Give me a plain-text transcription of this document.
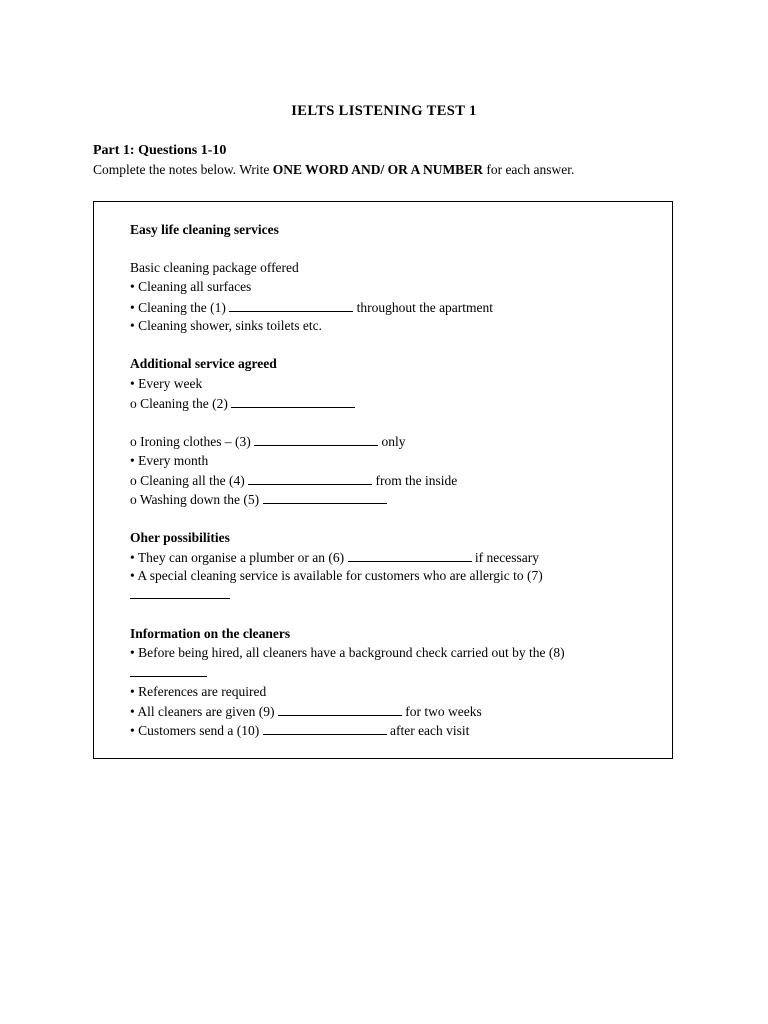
IELTS LISTENING TEST 1
Part 1: Questions 1-10
Complete the notes below. Write ONE WORD AND/ OR A NUMBER for each answer.
Easy life cleaning services
Basic cleaning package offered
• Cleaning all surfaces
• Cleaning the (1)	throughout the apartment
• Cleaning shower, sinks toilets etc.
Additional service agreed
• Every week
o Cleaning the (2)
o Ironing clothes – (3)	only
• Every month
o Cleaning all the (4)	from the inside
o Washing down the (5)
Oher possibilities
• They can organise a plumber or an (6)	if necessary
• A special cleaning service is available for customers who are allergic to (7)
Information on the cleaners
• Before being hired, all cleaners have a background check carried out by the (8)
• References are required
• All cleaners are given (9)	for two weeks
• Customers send a (10)	after each visit
